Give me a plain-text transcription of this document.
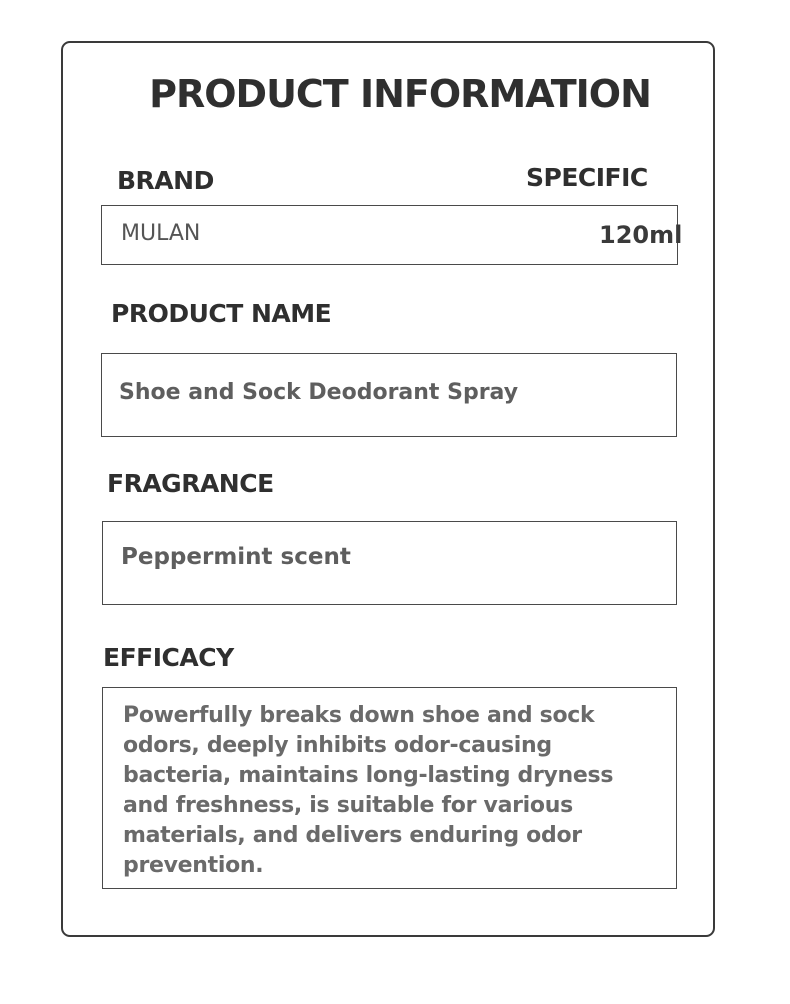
PRODUCT INFORMATION
BRAND	SPECIFIC
MULAN	120ml
PRODUCT NAME
Shoe and Sock Deodorant Spray
FRAGRANCE
Peppermint scent
EFFICACY
Powerfully breaks down shoe and sock
odors, deeply inhibits odor-causing
bacteria, maintains long-lasting dryness
and freshness, is suitable for various
materials, and delivers enduring odor
prevention.
